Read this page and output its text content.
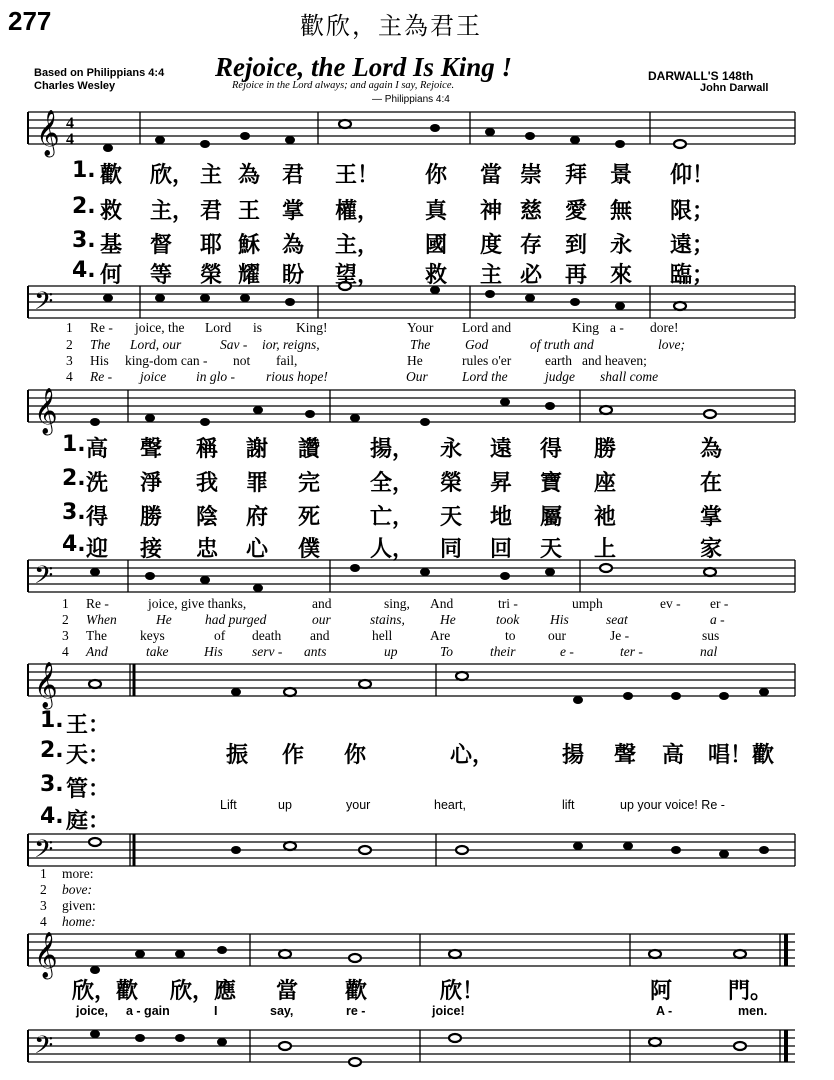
277	歡欣，主為君王
Rejoice, the Lord Is King !
Based on Philippians 4:4
Charles Wesley	Rejoice in the Lord always; and again I say, Rejoice.
— Philippians 4:4
DARWALL'S 148th
John Darwall
𝄞 4
4
𝄢
1. 歡 欣， 主 為 君 王！ 你 當 崇 拜 景 仰！
2. 救 主， 君 王 掌 權， 真 神 慈 愛 無 限；
3. 基 督 耶 穌 為 主， 國 度 存 到 永 遠；
4. 何 等 榮 耀 盼 望， 救 主 必 再 來 臨；
1 Re - joice, the Lord is	King!	Your Lord and	King a - dore!
2 The Lord, our	Sav - ior, reigns,	The	God	of truth and	love;
3 His king-dom can - not fail,	He	rules o'er earth and heaven;
4 Re - joice in glo - rious hope!	Our	Lord the	judge shall come
𝄞
𝄢
1. 高 聲 稱 謝 讚 揚， 永 遠 得 勝	為
2. 洗 淨 我 罪 完 全， 榮 昇 寶 座	在
3. 得 勝 陰 府 死 亡， 天 地 屬 祂	掌
4. 迎 接 忠 心 僕 人， 同 回 天 上	家
1 Re -	joice, give thanks,	and	sing, And	tri -	umph	ev - er -
2 When	He had purged	our	stains,	He	took His	seat	a -
3 The keys	of death and	hell	Are	to our	Je -	sus
4 And	take	His serv - ants	up	To	their	e -	ter -	nal
𝄞
𝄢
1. 王：
2. 天：
3. 管：
4. 庭：
振 作 你	心，	揚 聲 高 唱！歡
Lift	up	your	heart,	lift	up your voice! Re -
1 more:
2 bove:
3 given:
4 home:
𝄞
𝄢
欣，歡 欣，應 當 歡	欣！	阿	門。
joice, a - gain	I	say,	re -	joice!	A -	men.
